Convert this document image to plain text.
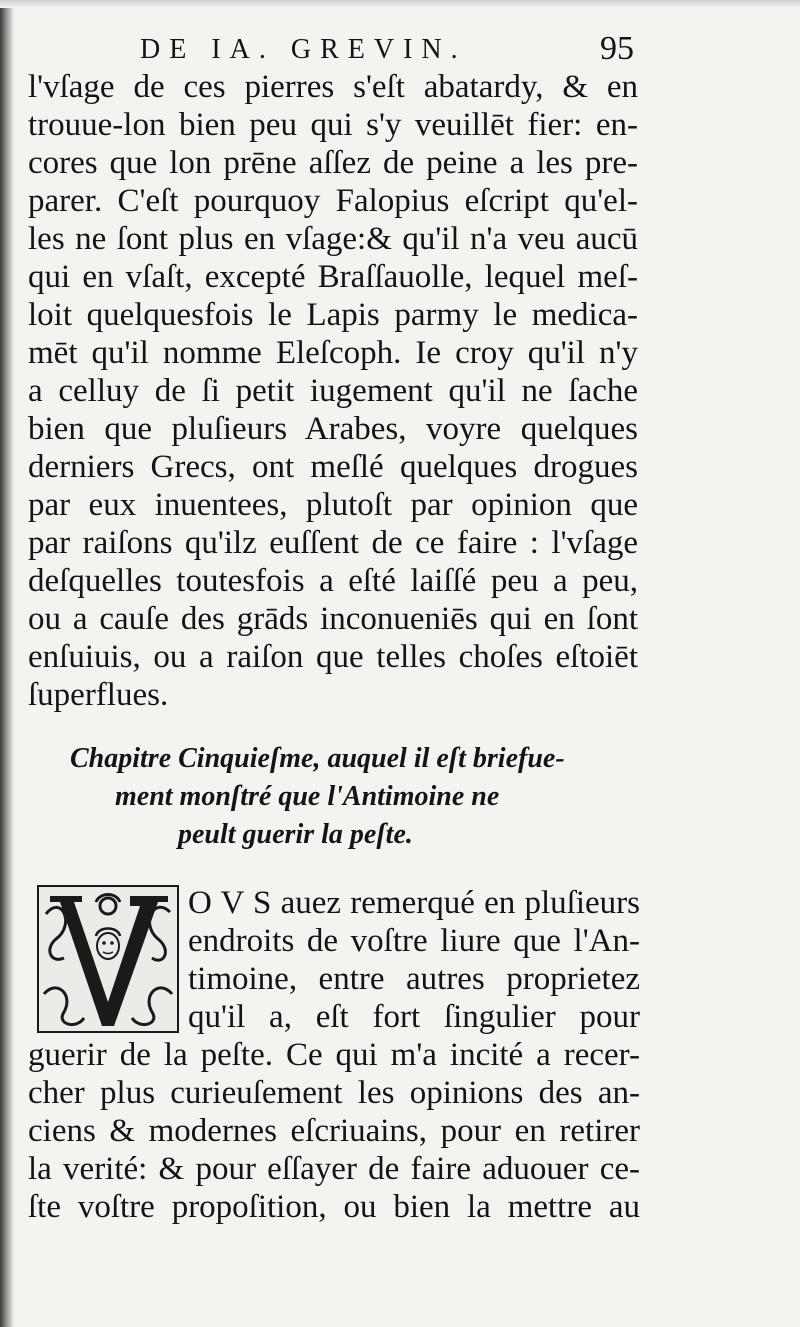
DE IA. GREVIN.	95
l'vſage de ces pierres s'eſt abatardy, & en
trouue-lon bien peu qui s'y veuillēt fier: en-
cores que lon prēne aſſez de peine a les pre-
parer. C'eſt pourquoy Falopius eſcript qu'el-
les ne ſont plus en vſage:& qu'il n'a veu aucū
qui en vſaſt, excepté Braſſauolle, lequel meſ-
loit quelquesfois le Lapis parmy le medica-
mēt qu'il nomme Eleſcoph. Ie croy qu'il n'y
a celluy de ſi petit iugement qu'il ne ſache
bien que pluſieurs Arabes, voyre quelques
derniers Grecs, ont meſlé quelques drogues
par eux inuentees, plutoſt par opinion que
par raiſons qu'ilz euſſent de ce faire : l'vſage
deſquelles toutesfois a eſté laiſſé peu a peu,
ou a cauſe des grāds inconueniēs qui en ſont
enſuiuis, ou a raiſon que telles choſes eſtoiēt
ſuperflues.
Chapitre Cinquieſme, auquel il eſt briefue-
ment monſtré que l'Antimoine ne
peult guerir la peſte.
O V S auez remerqué en pluſieurs
endroits de voſtre liure que l'An-
timoine, entre autres proprietez
qu'il a, eſt fort ſingulier pour
guerir de la peſte. Ce qui m'a incité a recer-
cher plus curieuſement les opinions des an-
ciens & modernes eſcriuains, pour en retirer
la verité: & pour eſſayer de faire aduouer ce-
ſte voſtre propoſition, ou bien la mettre au
